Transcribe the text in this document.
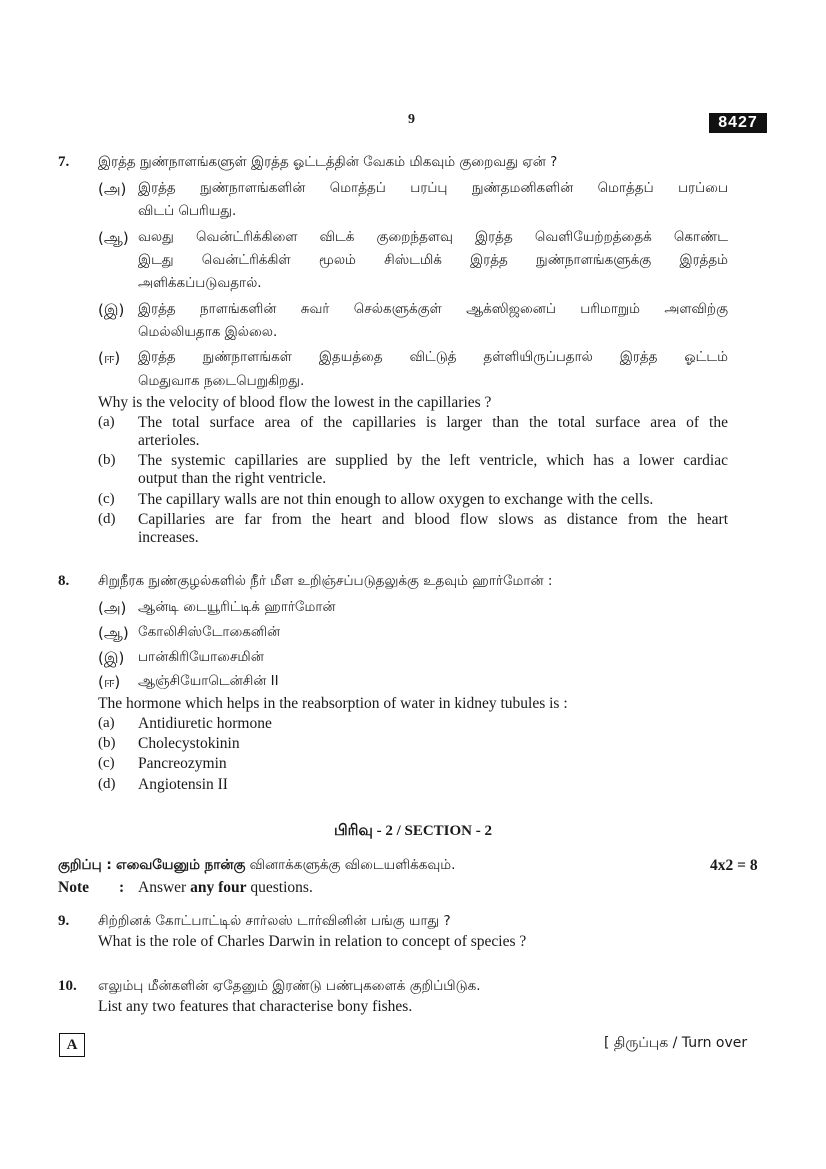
9	8427
7. இரத்த நுண்நாளங்களுள் இரத்த ஓட்டத்தின் வேகம் மிகவும் குறைவது ஏன் ?
(அ) இரத்த நுண்நாளங்களின் மொத்தப் பரப்பு நுண்தமனிகளின் மொத்தப் பரப்பை
விடப் பெரியது.
(ஆ) வலது வென்ட்ரிக்கிளை விடக் குறைந்தளவு இரத்த வெளியேற்றத்தைக் கொண்ட
இடது வென்ட்ரிக்கிள் மூலம் சிஸ்டமிக் இரத்த நுண்நாளங்களுக்கு இரத்தம்
அளிக்கப்படுவதால்.
(இ) இரத்த நாளங்களின் சுவர் செல்களுக்குள் ஆக்ஸிஜனைப் பரிமாறும் அளவிற்கு
மெல்லியதாக இல்லை.
(ஈ) இரத்த நுண்நாளங்கள் இதயத்தை விட்டுத் தள்ளியிருப்பதால் இரத்த ஓட்டம்
மெதுவாக நடைபெறுகிறது.
Why is the velocity of blood flow the lowest in the capillaries ?
(a) The total surface area of the capillaries is larger than the total surface area of the
arterioles.
(b) The systemic capillaries are supplied by the left ventricle, which has a lower cardiac
output than the right ventricle.
(c) The capillary walls are not thin enough to allow oxygen to exchange with the cells.
(d) Capillaries are far from the heart and blood flow slows as distance from the heart
increases.
8. சிறுநீரக நுண்குழல்களில் நீர் மீள உறிஞ்சப்படுதலுக்கு உதவும் ஹார்மோன் :
(அ) ஆன்டி டையூரிட்டிக் ஹார்மோன்
(ஆ) கோலிசிஸ்டோகைனின்
(இ) பான்கிரியோசைமின்
(ஈ) ஆஞ்சியோடென்சின் II
The hormone which helps in the reabsorption of water in kidney tubules is :
(a) Antidiuretic hormone
(b) Cholecystokinin
(c) Pancreozymin
(d) Angiotensin II
பிரிவு - 2 / SECTION - 2
குறிப்பு : எவையேனும் நான்கு வினாக்களுக்கு விடையளிக்கவும்.	4x2 = 8
Note : Answer any four questions.
9. சிற்றினக் கோட்பாட்டில் சார்லஸ் டார்வினின் பங்கு யாது ?
What is the role of Charles Darwin in relation to concept of species ?
10. எலும்பு மீன்களின் ஏதேனும் இரண்டு பண்புகளைக் குறிப்பிடுக.
List any two features that characterise bony fishes.
A	[ திருப்புக / Turn over
